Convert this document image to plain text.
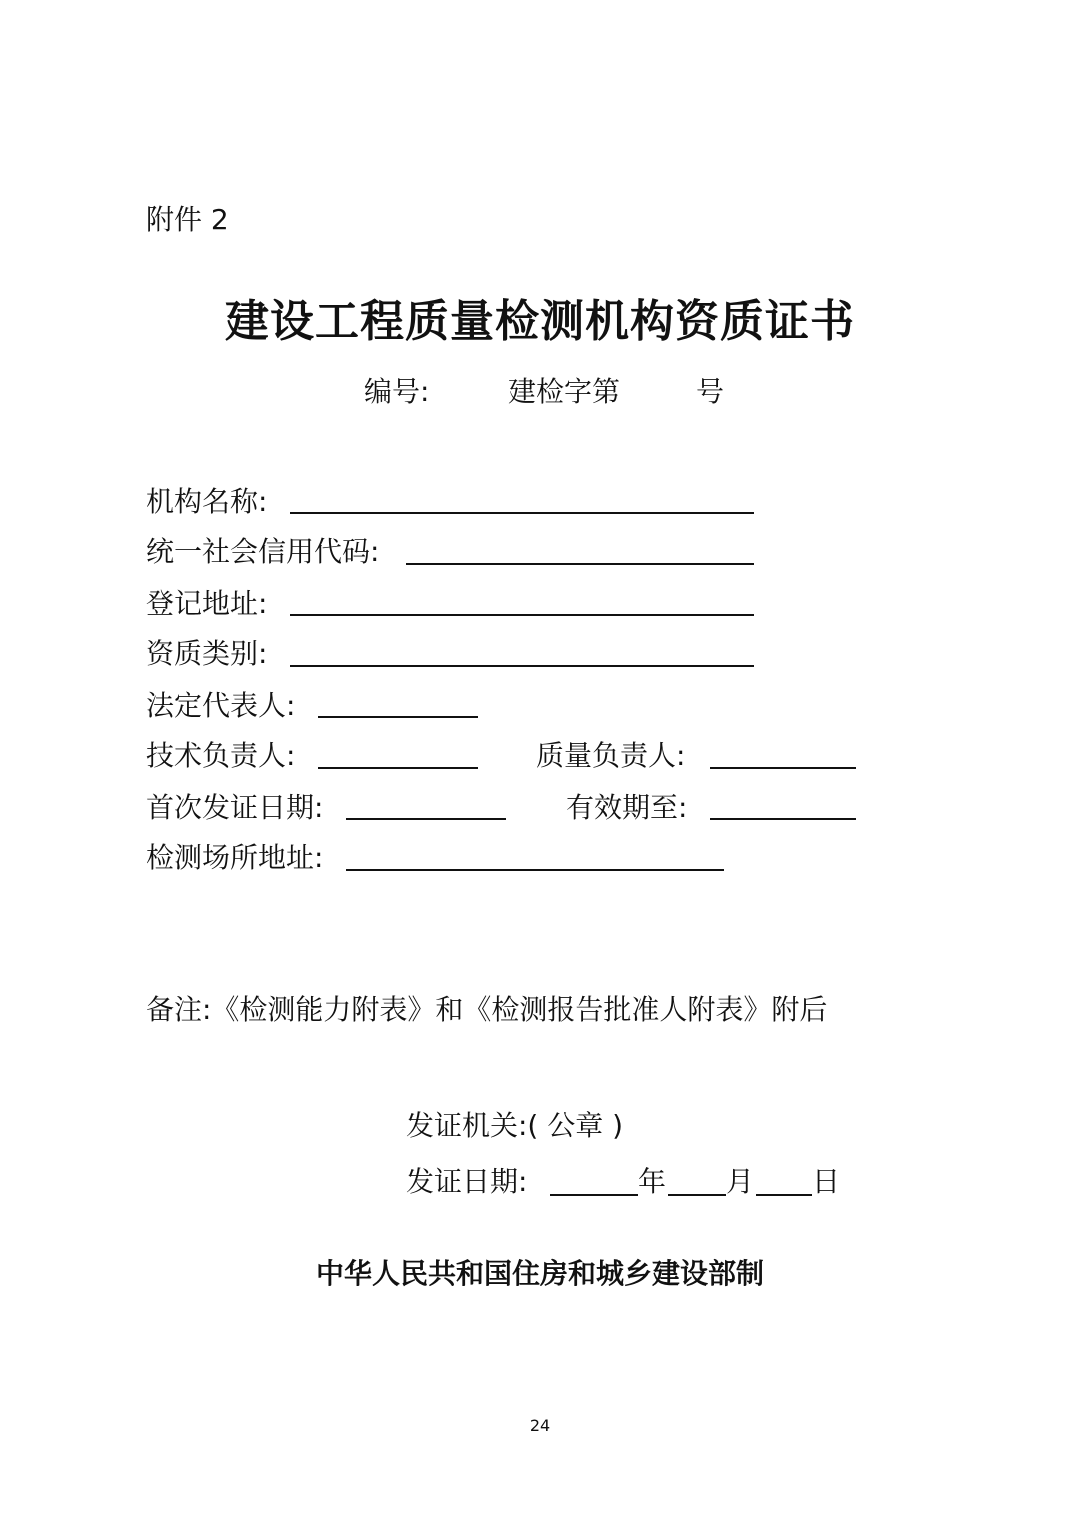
附件 2
建设工程质量检测机构资质证书
编号:	建检字第	号
机构名称:
统一社会信用代码:
登记地址:
资质类别:
法定代表人:
技术负责人:	质量负责人:
首次发证日期:	有效期至:
检测场所地址:
备注:《检测能力附表》和《检测报告批准人附表》附后
发证机关:( 公章 )
发证日期:	年 月 日
中华人民共和国住房和城乡建设部制
24
